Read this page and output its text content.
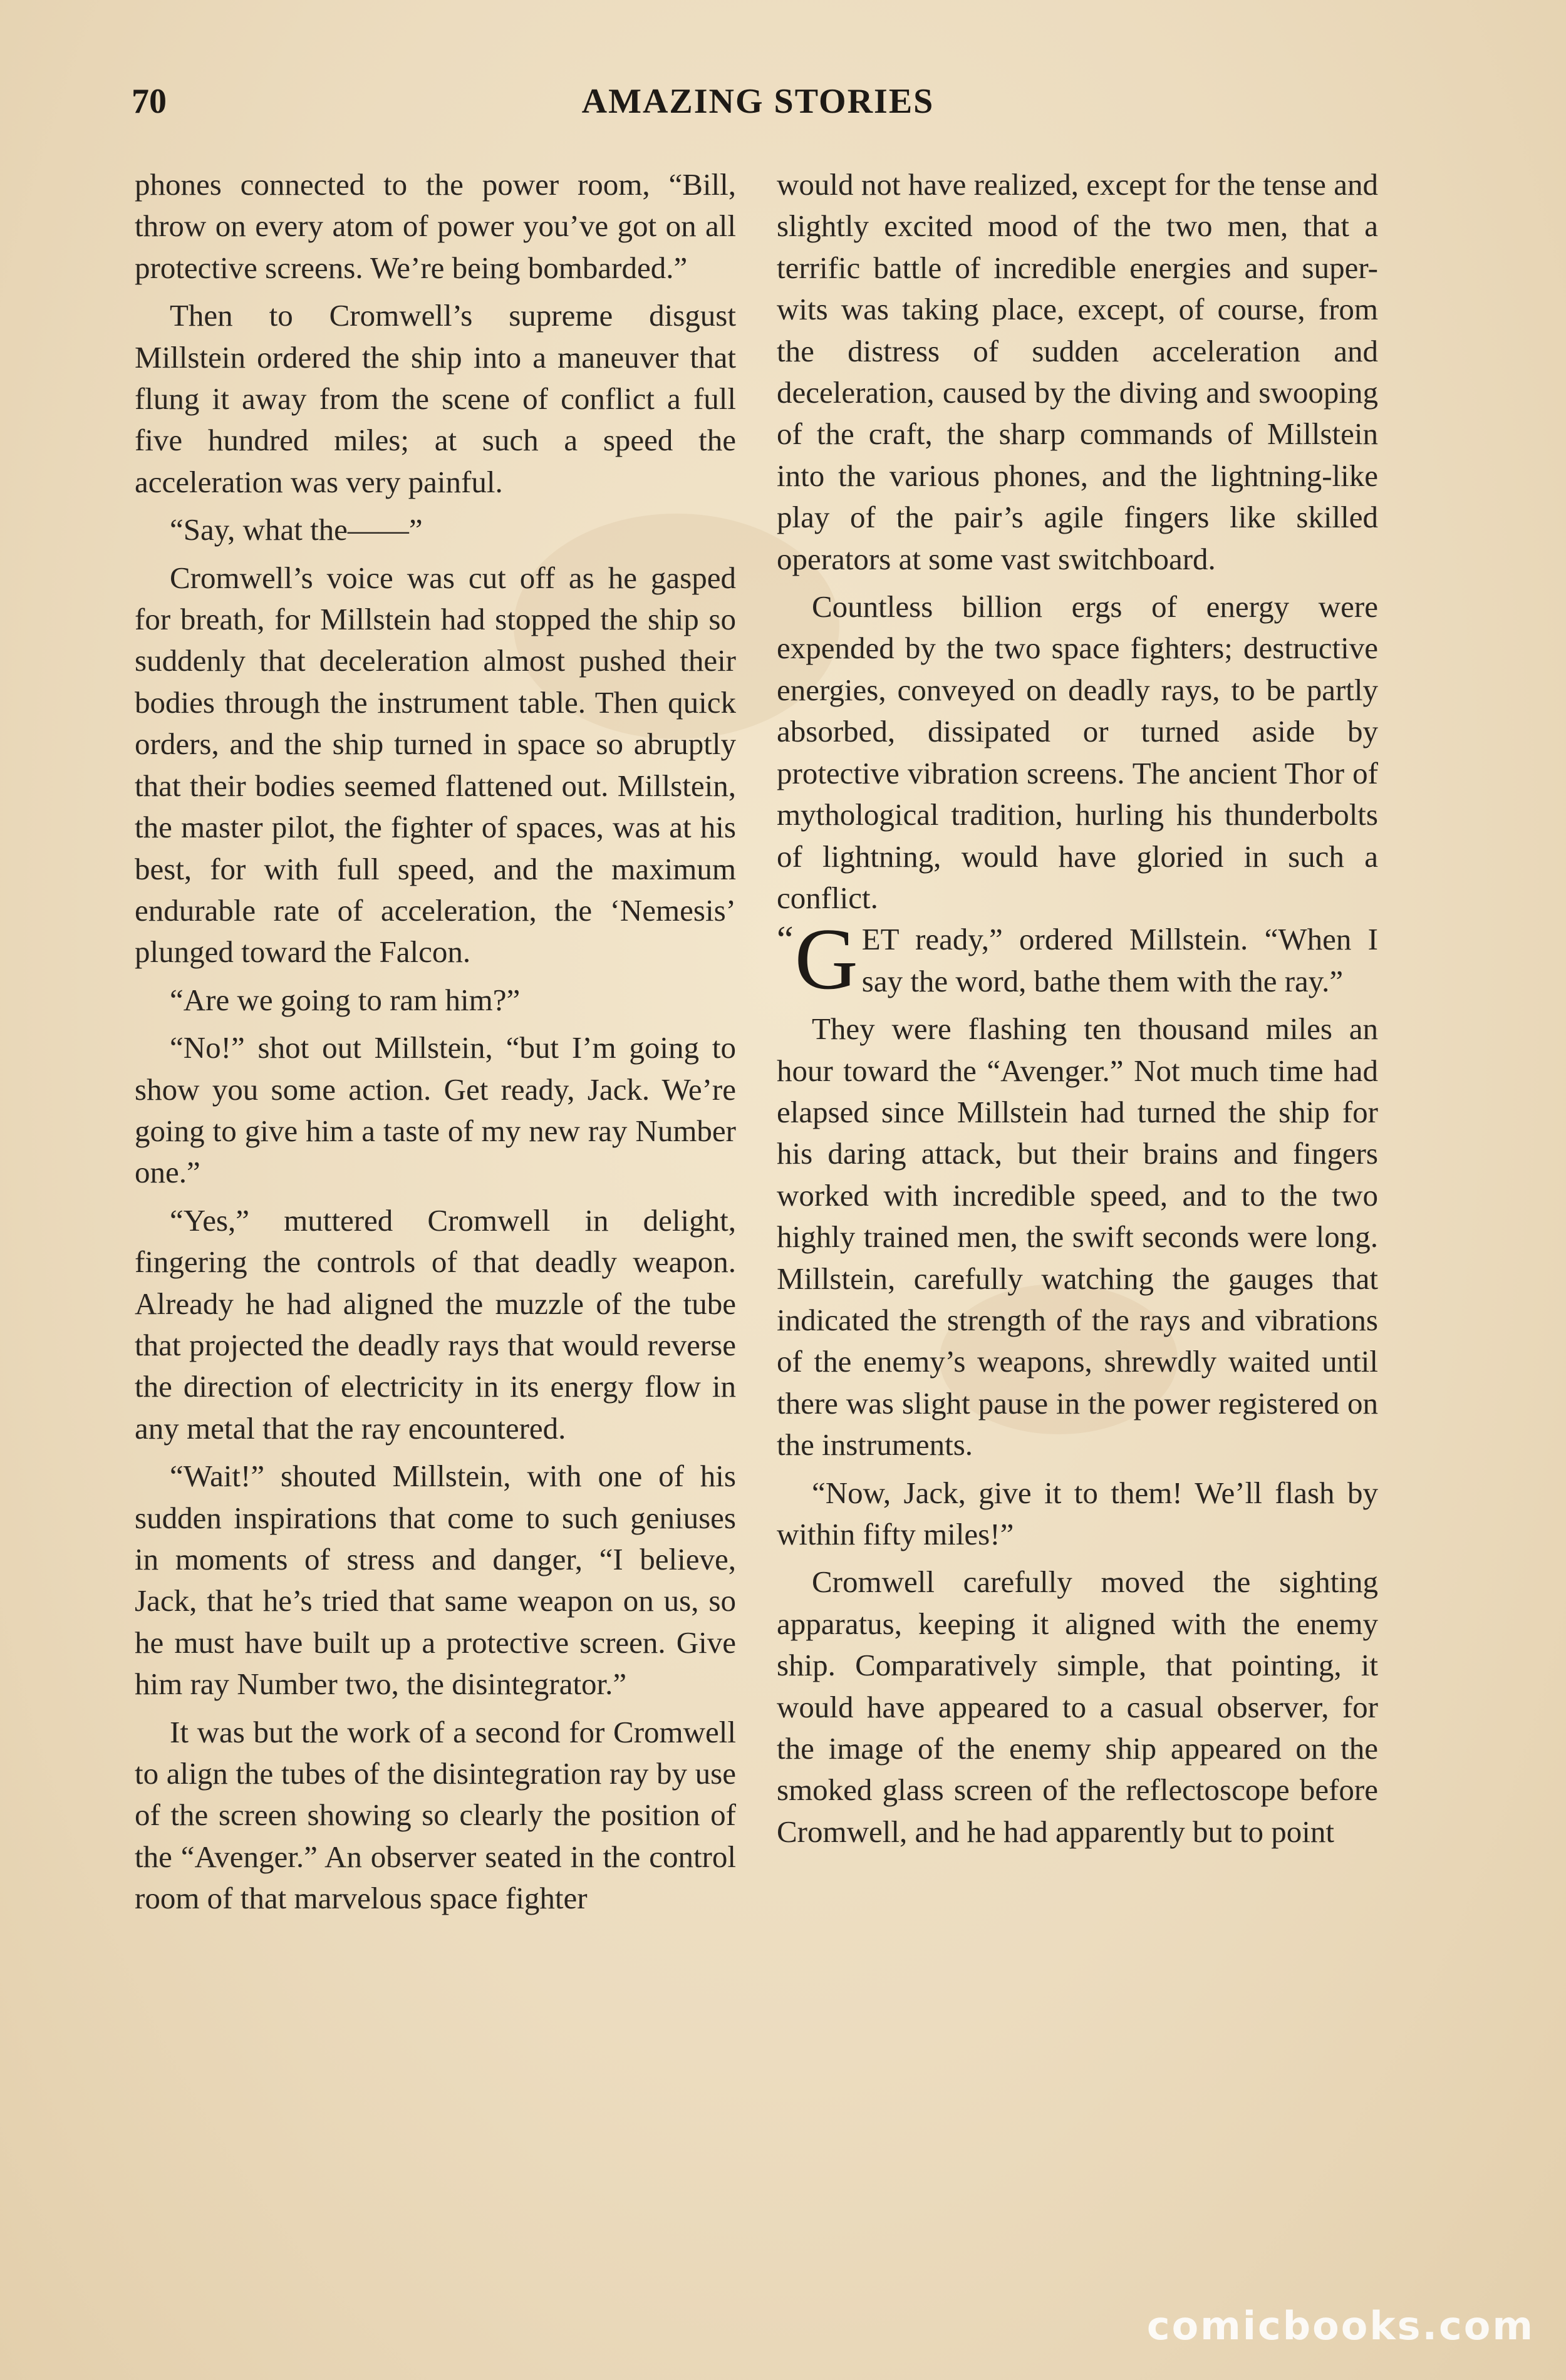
70	AMAZING STORIES

phones connected to the power room, “Bill, throw on every atom of power you’ve got on all protective screens. We’re being bombarded.”

Then to Cromwell’s supreme disgust Millstein ordered the ship into a maneuver that flung it away from the scene of conflict a full five hundred miles; at such a speed the acceleration was very painful.

“Say, what the——”

Cromwell’s voice was cut off as he gasped for breath, for Millstein had stopped the ship so suddenly that deceleration almost pushed their bodies through the instrument table. Then quick orders, and the ship turned in space so abruptly that their bodies seemed flattened out. Millstein, the master pilot, the fighter of spaces, was at his best, for with full speed, and the maximum endurable rate of acceleration, the ‘Nemesis’ plunged toward the Falcon.

“Are we going to ram him?”

“No!” shot out Millstein, “but I’m going to show you some action. Get ready, Jack. We’re going to give him a taste of my new ray Number one.”

“Yes,” muttered Cromwell in delight, fingering the controls of that deadly weapon. Already he had aligned the muzzle of the tube that projected the deadly rays that would reverse the direction of electricity in its energy flow in any metal that the ray encountered.

“Wait!” shouted Millstein, with one of his sudden inspirations that come to such geniuses in moments of stress and danger, “I believe, Jack, that he’s tried that same weapon on us, so he must have built up a protective screen. Give him ray Number two, the disintegrator.”

It was but the work of a second for Cromwell to align the tubes of the disintegration ray by use of the screen showing so clearly the position of the “Avenger.” An observer seated in the control room of that marvelous space fighter

would not have realized, except for the tense and slightly excited mood of the two men, that a terrific battle of incredible energies and super-wits was taking place, except, of course, from the distress of sudden acceleration and deceleration, caused by the diving and swooping of the craft, the sharp commands of Millstein into the various phones, and the lightning-like play of the pair’s agile fingers like skilled operators at some vast switchboard.

Countless billion ergs of energy were expended by the two space fighters; destructive energies, conveyed on deadly rays, to be partly absorbed, dissipated or turned aside by protective vibration screens. The ancient Thor of mythological tradition, hurling his thunderbolts of lightning, would have gloried in such a conflict.

“ G ET ready,” ordered Millstein. “When I say the word, bathe them with the ray.”

They were flashing ten thousand miles an hour toward the “Avenger.” Not much time had elapsed since Millstein had turned the ship for his daring attack, but their brains and fingers worked with incredible speed, and to the two highly trained men, the swift seconds were long. Millstein, carefully watching the gauges that indicated the strength of the rays and vibrations of the enemy’s weapons, shrewdly waited until there was slight pause in the power registered on the instruments.

“Now, Jack, give it to them! We’ll flash by within fifty miles!”

Cromwell carefully moved the sighting apparatus, keeping it aligned with the enemy ship. Comparatively simple, that pointing, it would have appeared to a casual observer, for the image of the enemy ship appeared on the smoked glass screen of the reflectoscope before Cromwell, and he had apparently but to point

comicbooks.com
